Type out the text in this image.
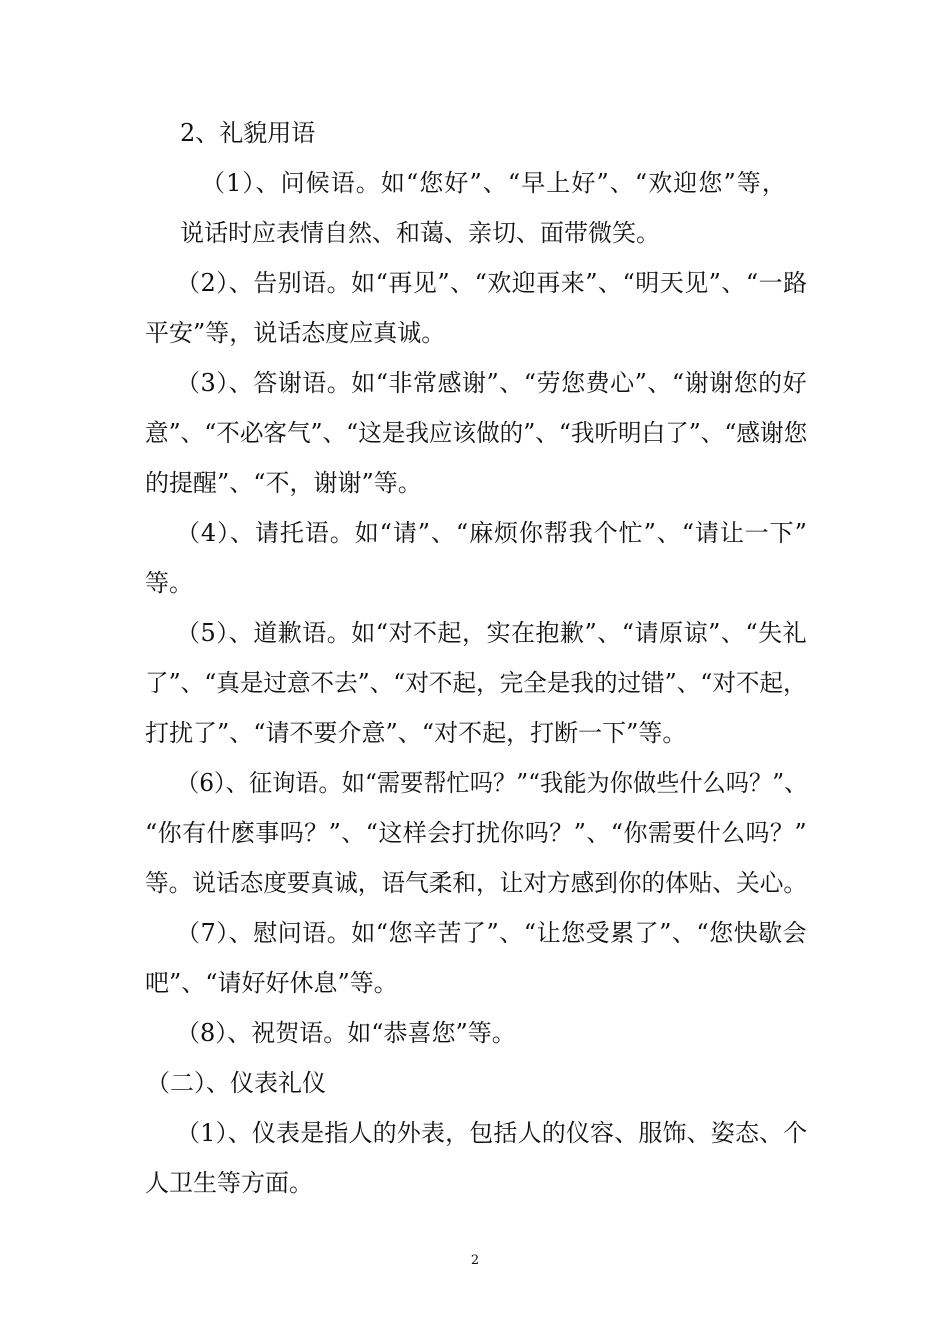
2、礼貌用语

（1）、问候语。如“您好”、“早上好”、“欢迎您”等，

说话时应表情自然、和蔼、亲切、面带微笑。

（2）、告别语。如“再见”、“欢迎再来”、“明天见”、“一路

平安”等，说话态度应真诚。

（3）、答谢语。如“非常感谢”、“劳您费心”、“谢谢您的好

意”、“不必客气”、“这是我应该做的”、“我听明白了”、“感谢您

的提醒”、“不，谢谢”等。

（4）、请托语。如“请”、“麻烦你帮我个忙”、“请让一下”

等。

（5）、道歉语。如“对不起，实在抱歉”、“请原谅”、“失礼

了”、“真是过意不去”、“对不起，完全是我的过错”、“对不起，

打扰了”、“请不要介意”、“对不起，打断一下”等。

（6）、征询语。如“需要帮忙吗？”“我能为你做些什么吗？”、

“你有什麽事吗？”、“这样会打扰你吗？”、“你需要什么吗？”

等。说话态度要真诚，语气柔和，让对方感到你的体贴、关心。

（7）、慰问语。如“您辛苦了”、“让您受累了”、“您快歇会

吧”、“请好好休息”等。

（8）、祝贺语。如“恭喜您”等。

（二）、仪表礼仪

（1）、仪表是指人的外表，包括人的仪容、服饰、姿态、个

人卫生等方面。

2
